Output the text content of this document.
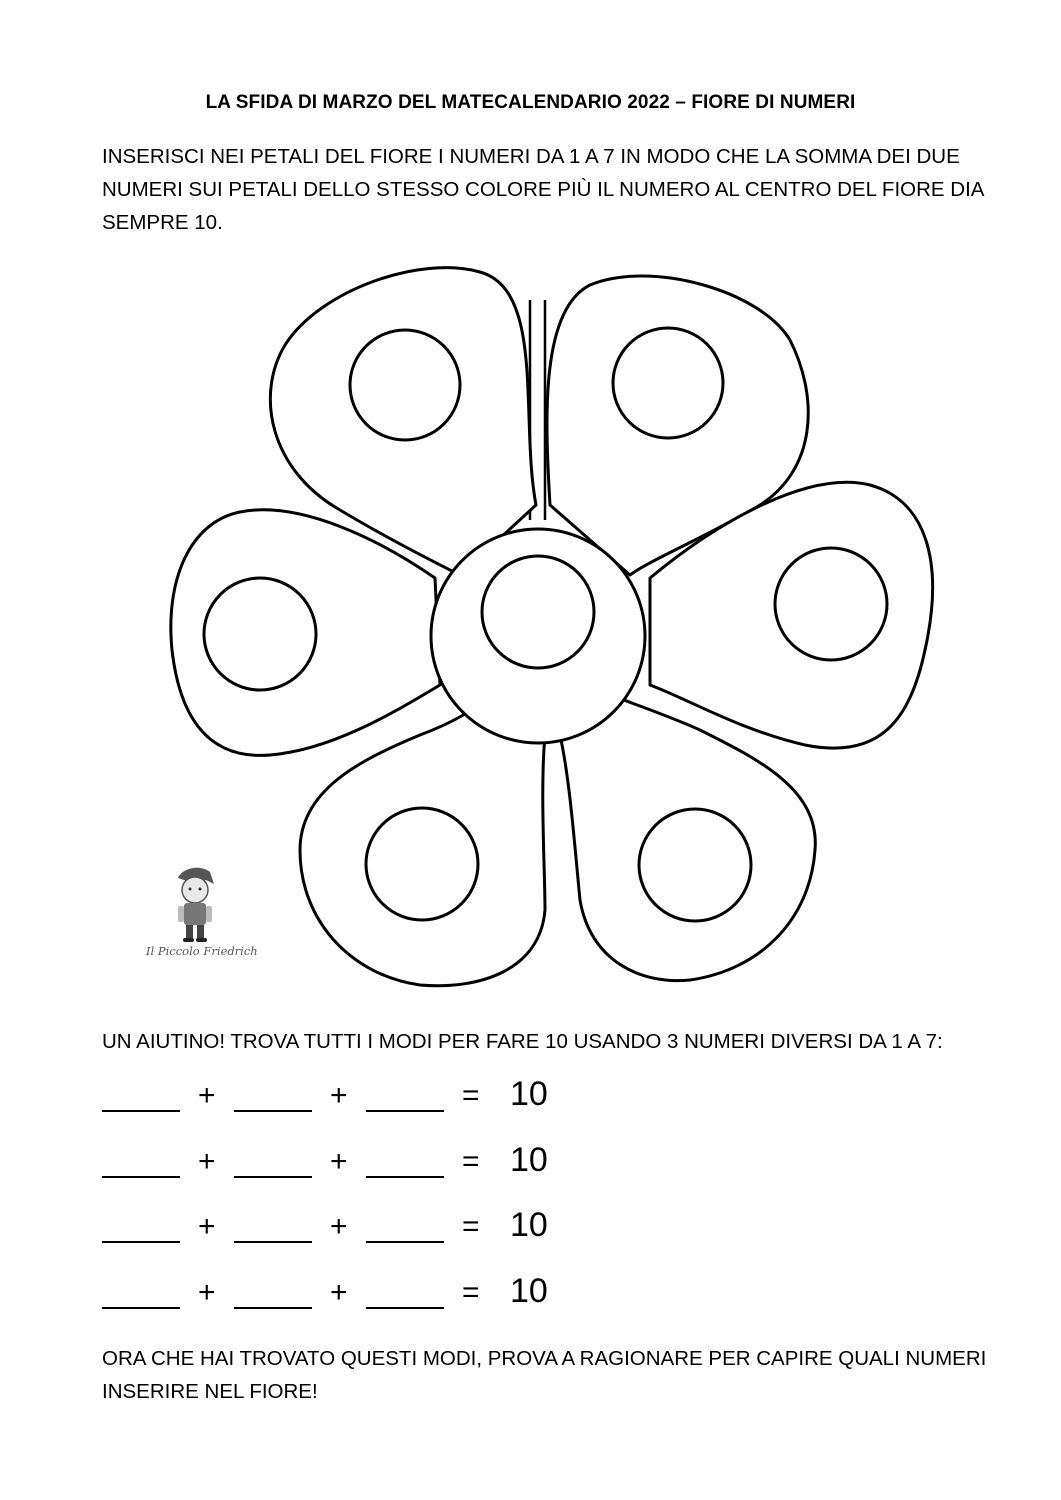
LA SFIDA DI MARZO DEL MATECALENDARIO 2022 – FIORE DI NUMERI
INSERISCI NEI PETALI DEL FIORE I NUMERI DA 1 A 7 IN MODO CHE LA SOMMA DEI DUE
NUMERI SUI PETALI DELLO STESSO COLORE PIÙ IL NUMERO AL CENTRO DEL FIORE DIA
SEMPRE 10.
Il Piccolo Friedrich
UN AIUTINO! TROVA TUTTI I MODI PER FARE 10 USANDO 3 NUMERI DIVERSI DA 1 A 7:
+	+	= 10
+	+	= 10
+	+	= 10
+	+	= 10
ORA CHE HAI TROVATO QUESTI MODI, PROVA A RAGIONARE PER CAPIRE QUALI NUMERI
INSERIRE NEL FIORE!
